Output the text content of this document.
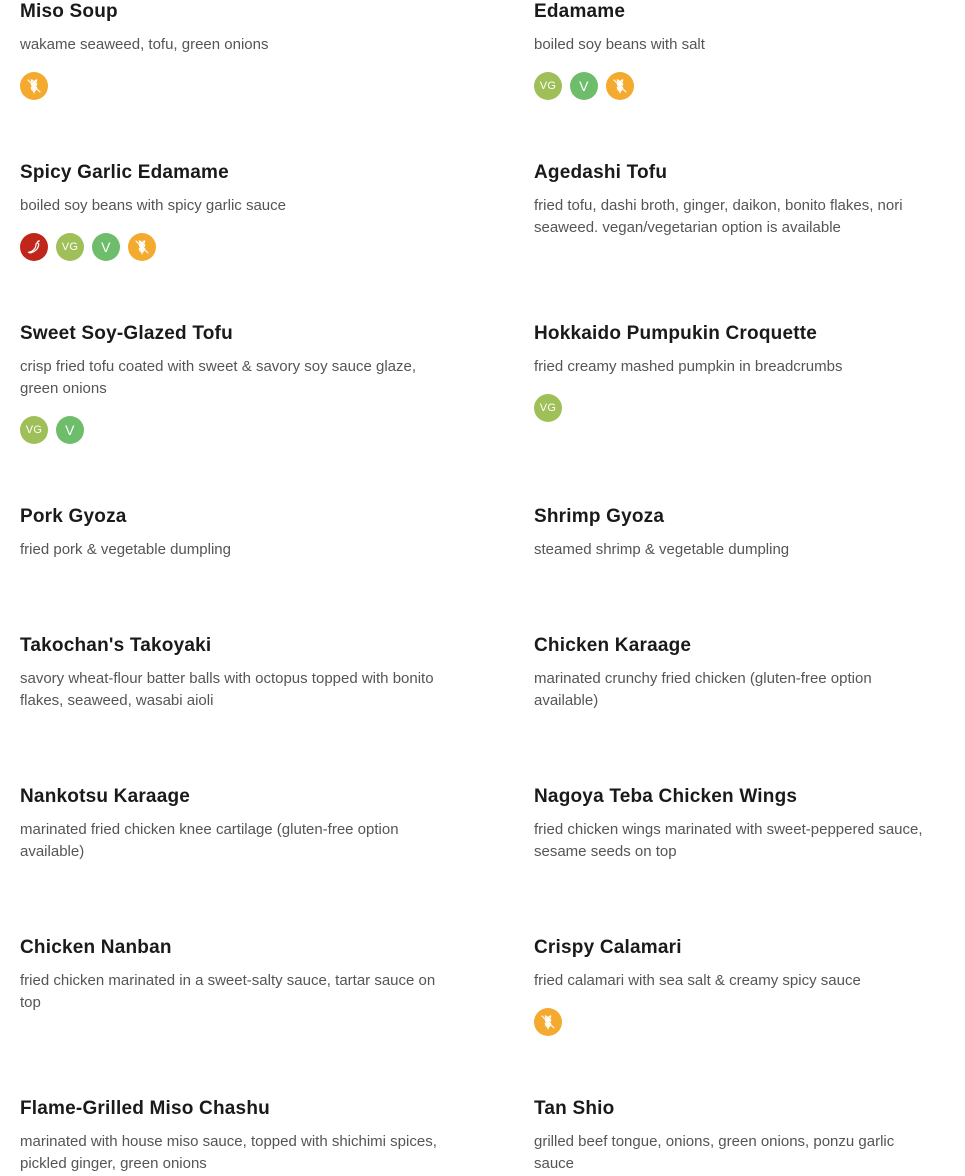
Miso Soup

wakame seaweed, tofu, green onions

Edamame

boiled soy beans with salt

VG	V
Spicy Garlic Edamame

boiled soy beans with spicy garlic sauce

VG	V
Agedashi Tofu

fried tofu, dashi broth, ginger, daikon, bonito flakes, nori seaweed. vegan/vegetarian option is available

Sweet Soy-Glazed Tofu

crisp fried tofu coated with sweet & savory soy sauce glaze, green onions

VG	V
Hokkaido Pumpukin Croquette

fried creamy mashed pumpkin in breadcrumbs

VG
Pork Gyoza

fried pork & vegetable dumpling

Shrimp Gyoza

steamed shrimp & vegetable dumpling

Takochan's Takoyaki

savory wheat-flour batter balls with octopus topped with bonito flakes, seaweed, wasabi aioli

Chicken Karaage

marinated crunchy fried chicken (gluten-free option available)

Nankotsu Karaage

marinated fried chicken knee cartilage (gluten-free option available)

Nagoya Teba Chicken Wings

fried chicken wings marinated with sweet-peppered sauce, sesame seeds on top

Chicken Nanban

fried chicken marinated in a sweet-salty sauce, tartar sauce on top

Crispy Calamari

fried calamari with sea salt & creamy spicy sauce

Flame-Grilled Miso Chashu

marinated with house miso sauce, topped with shichimi spices, pickled ginger, green onions

Tan Shio

grilled beef tongue, onions, green onions, ponzu garlic sauce
